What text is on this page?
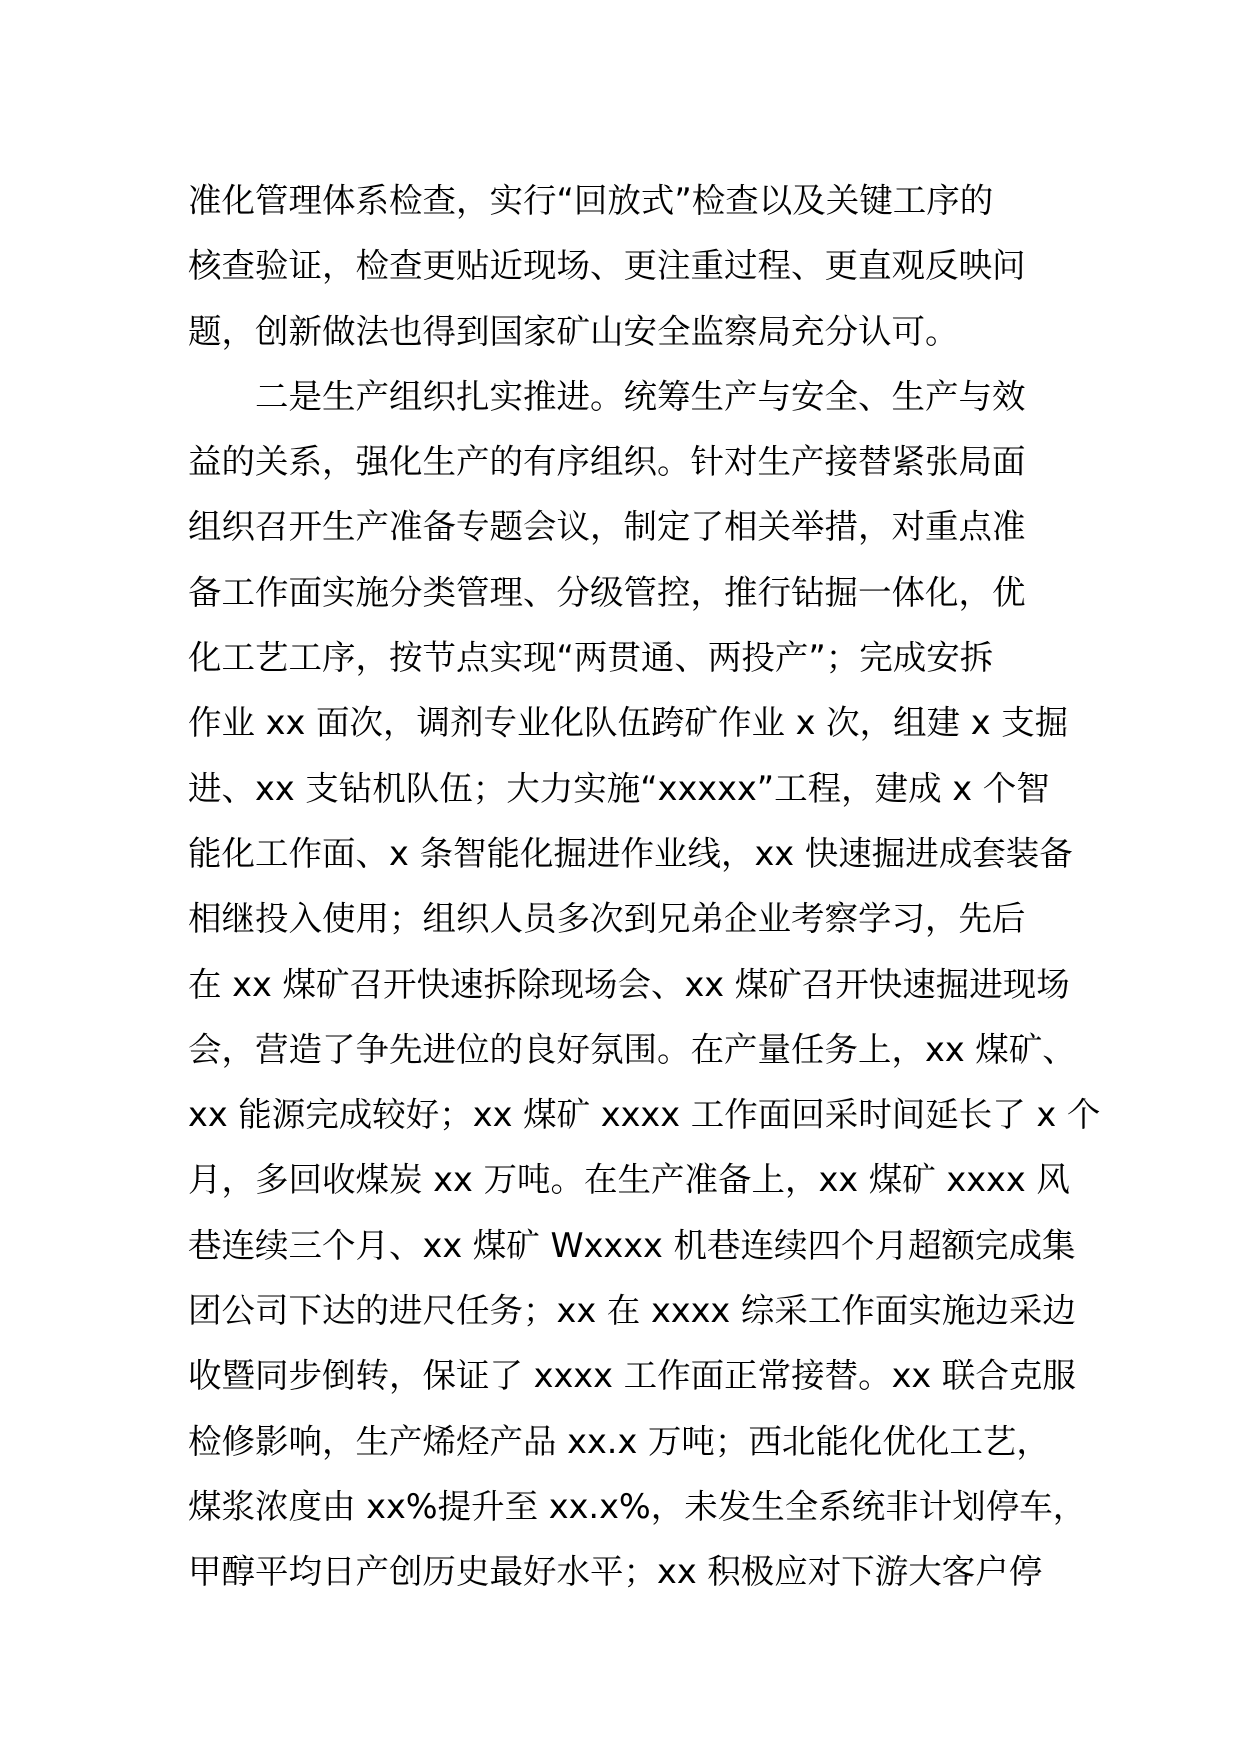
准化管理体系检查，实行“回放式”检查以及关键工序的
核查验证，检查更贴近现场、更注重过程、更直观反映问
题，创新做法也得到国家矿山安全监察局充分认可。
二是生产组织扎实推进。统筹生产与安全、生产与效
益的关系，强化生产的有序组织。针对生产接替紧张局面
组织召开生产准备专题会议，制定了相关举措，对重点准
备工作面实施分类管理、分级管控，推行钻掘一体化，优
化工艺工序，按节点实现“两贯通、两投产”；完成安拆
作业 xx 面次，调剂专业化队伍跨矿作业 x 次，组建 x 支掘
进、xx 支钻机队伍；大力实施“xxxxx”工程，建成 x 个智
能化工作面、x 条智能化掘进作业线，xx 快速掘进成套装备
相继投入使用；组织人员多次到兄弟企业考察学习，先后
在 xx 煤矿召开快速拆除现场会、xx 煤矿召开快速掘进现场
会，营造了争先进位的良好氛围。在产量任务上，xx 煤矿、
xx 能源完成较好；xx 煤矿 xxxx 工作面回采时间延长了 x 个
月，多回收煤炭 xx 万吨。在生产准备上，xx 煤矿 xxxx 风
巷连续三个月、xx 煤矿 Wxxxx 机巷连续四个月超额完成集
团公司下达的进尺任务；xx 在 xxxx 综采工作面实施边采边
收暨同步倒转，保证了 xxxx 工作面正常接替。xx 联合克服
检修影响，生产烯烃产品 xx.x 万吨；西北能化优化工艺，
煤浆浓度由 xx%提升至 xx.x%，未发生全系统非计划停车，
甲醇平均日产创历史最好水平；xx 积极应对下游大客户停
